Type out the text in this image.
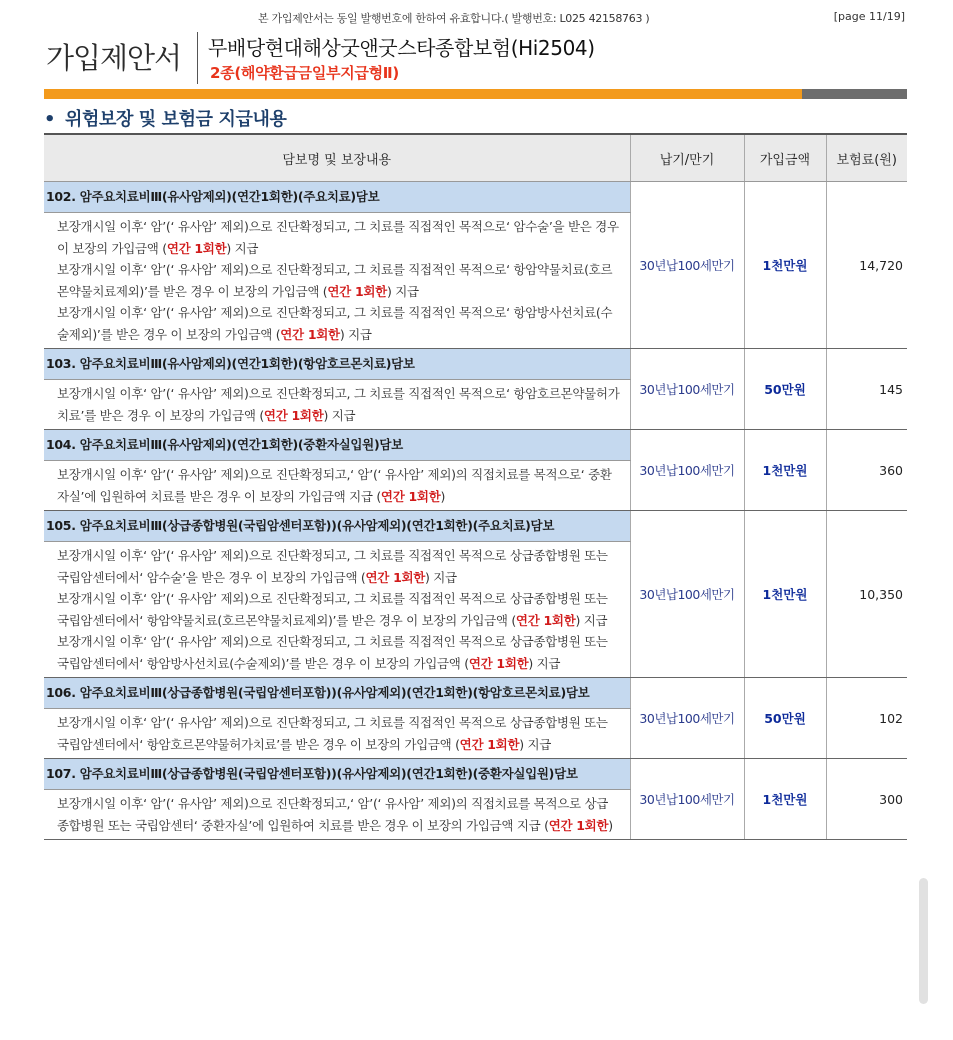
본 가입제안서는 동일 발행번호에 한하여 유효합니다.( 발행번호: L025 42158763 )	[page 11/19]
가입제안서 무배당현대해상굿앤굿스타종합보험(Hi2504)
2종(해약환급금일부지급형Ⅱ)
• 위험보장 및 보험금 지급내용
담보명 및 보장내용	납기/만기	가입금액	보험료(원)
102. 암주요치료비Ⅲ(유사암제외)(연간1회한)(주요치료)담보	30년납100세만기	1천만원	14,720

보장개시일 이후‘ 암’(‘ 유사암’ 제외)으로 진단확정되고, 그 치료를 직접적인 목적으로‘ 암수술’을 받은 경우 이 보장의 가입금액 (연간 1회한) 지급
보장개시일 이후‘ 암’(‘ 유사암’ 제외)으로 진단확정되고, 그 치료를 직접적인 목적으로‘ 항암약물치료(호르몬약물치료제외)’를 받은 경우 이 보장의 가입금액 (연간 1회한) 지급
보장개시일 이후‘ 암’(‘ 유사암’ 제외)으로 진단확정되고, 그 치료를 직접적인 목적으로‘ 항암방사선치료(수술제외)’를 받은 경우 이 보장의 가입금액 (연간 1회한) 지급			

103. 암주요치료비Ⅲ(유사암제외)(연간1회한)(항암호르몬치료)담보	30년납100세만기	50만원	145

보장개시일 이후‘ 암’(‘ 유사암’ 제외)으로 진단확정되고, 그 치료를 직접적인 목적으로‘ 항암호르몬약물허가치료’를 받은 경우 이 보장의 가입금액 (연간 1회한) 지급			

104. 암주요치료비Ⅲ(유사암제외)(연간1회한)(중환자실입원)담보	30년납100세만기	1천만원	360

보장개시일 이후‘ 암’(‘ 유사암’ 제외)으로 진단확정되고,‘ 암’(‘ 유사암’ 제외)의 직접치료를 목적으로‘ 중환자실’에 입원하여 치료를 받은 경우 이 보장의 가입금액 지급 (연간 1회한)			

105. 암주요치료비Ⅲ(상급종합병원(국립암센터포함))(유사암제외)(연간1회한)(주요치료)담보	30년납100세만기	1천만원	10,350

보장개시일 이후‘ 암’(‘ 유사암’ 제외)으로 진단확정되고, 그 치료를 직접적인 목적으로 상급종합병원 또는 국립암센터에서‘ 암수술’을 받은 경우 이 보장의 가입금액 (연간 1회한) 지급
보장개시일 이후‘ 암’(‘ 유사암’ 제외)으로 진단확정되고, 그 치료를 직접적인 목적으로 상급종합병원 또는 국립암센터에서‘ 항암약물치료(호르몬약물치료제외)’를 받은 경우 이 보장의 가입금액 (연간 1회한) 지급
보장개시일 이후‘ 암’(‘ 유사암’ 제외)으로 진단확정되고, 그 치료를 직접적인 목적으로 상급종합병원 또는 국립암센터에서‘ 항암방사선치료(수술제외)’를 받은 경우 이 보장의 가입금액 (연간 1회한) 지급			

106. 암주요치료비Ⅲ(상급종합병원(국립암센터포함))(유사암제외)(연간1회한)(항암호르몬치료)담보	30년납100세만기	50만원	102

보장개시일 이후‘ 암’(‘ 유사암’ 제외)으로 진단확정되고, 그 치료를 직접적인 목적으로 상급종합병원 또는 국립암센터에서‘ 항암호르몬약물허가치료’를 받은 경우 이 보장의 가입금액 (연간 1회한) 지급			

107. 암주요치료비Ⅲ(상급종합병원(국립암센터포함))(유사암제외)(연간1회한)(중환자실입원)담보	30년납100세만기	1천만원	300

보장개시일 이후‘ 암’(‘ 유사암’ 제외)으로 진단확정되고,‘ 암’(‘ 유사암’ 제외)의 직접치료를 목적으로 상급종합병원 또는 국립암센터‘ 중환자실’에 입원하여 치료를 받은 경우 이 보장의 가입금액 지급 (연간 1회한)			
